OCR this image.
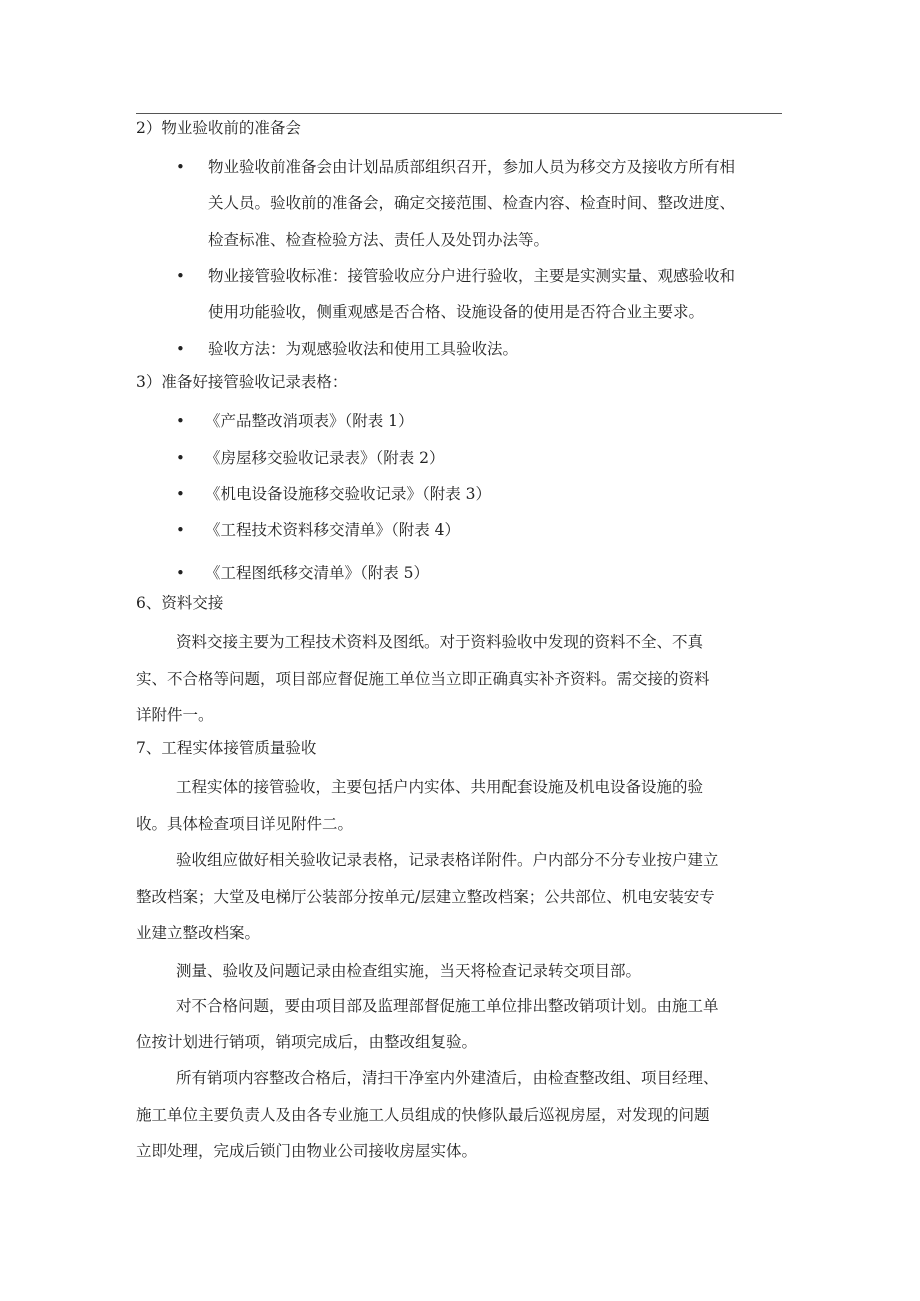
2）物业验收前的准备会
• 物业验收前准备会由计划品质部组织召开，参加人员为移交方及接收方所有相
关人员。验收前的准备会，确定交接范围、检查内容、检查时间、整改进度、
检查标准、检查检验方法、责任人及处罚办法等。
• 物业接管验收标准：接管验收应分户进行验收，主要是实测实量、观感验收和
使用功能验收，侧重观感是否合格、设施设备的使用是否符合业主要求。
• 验收方法：为观感验收法和使用工具验收法。
3）准备好接管验收记录表格：
• 《产品整改消项表》（附表 1）
• 《房屋移交验收记录表》（附表 2）
• 《机电设备设施移交验收记录》（附表 3）
• 《工程技术资料移交清单》（附表 4）
• 《工程图纸移交清单》（附表 5）
6、资料交接
资料交接主要为工程技术资料及图纸。对于资料验收中发现的资料不全、不真
实、不合格等问题，项目部应督促施工单位当立即正确真实补齐资料。需交接的资料
详附件一。
7、工程实体接管质量验收
工程实体的接管验收，主要包括户内实体、共用配套设施及机电设备设施的验
收。具体检查项目详见附件二。
验收组应做好相关验收记录表格，记录表格详附件。户内部分不分专业按户建立
整改档案；大堂及电梯厅公装部分按单元/层建立整改档案；公共部位、机电安装安专
业建立整改档案。
测量、验收及问题记录由检查组实施，当天将检查记录转交项目部。
对不合格问题，要由项目部及监理部督促施工单位排出整改销项计划。由施工单
位按计划进行销项，销项完成后，由整改组复验。
所有销项内容整改合格后，清扫干净室内外建渣后，由检查整改组、项目经理、
施工单位主要负责人及由各专业施工人员组成的快修队最后巡视房屋，对发现的问题
立即处理，完成后锁门由物业公司接收房屋实体。
